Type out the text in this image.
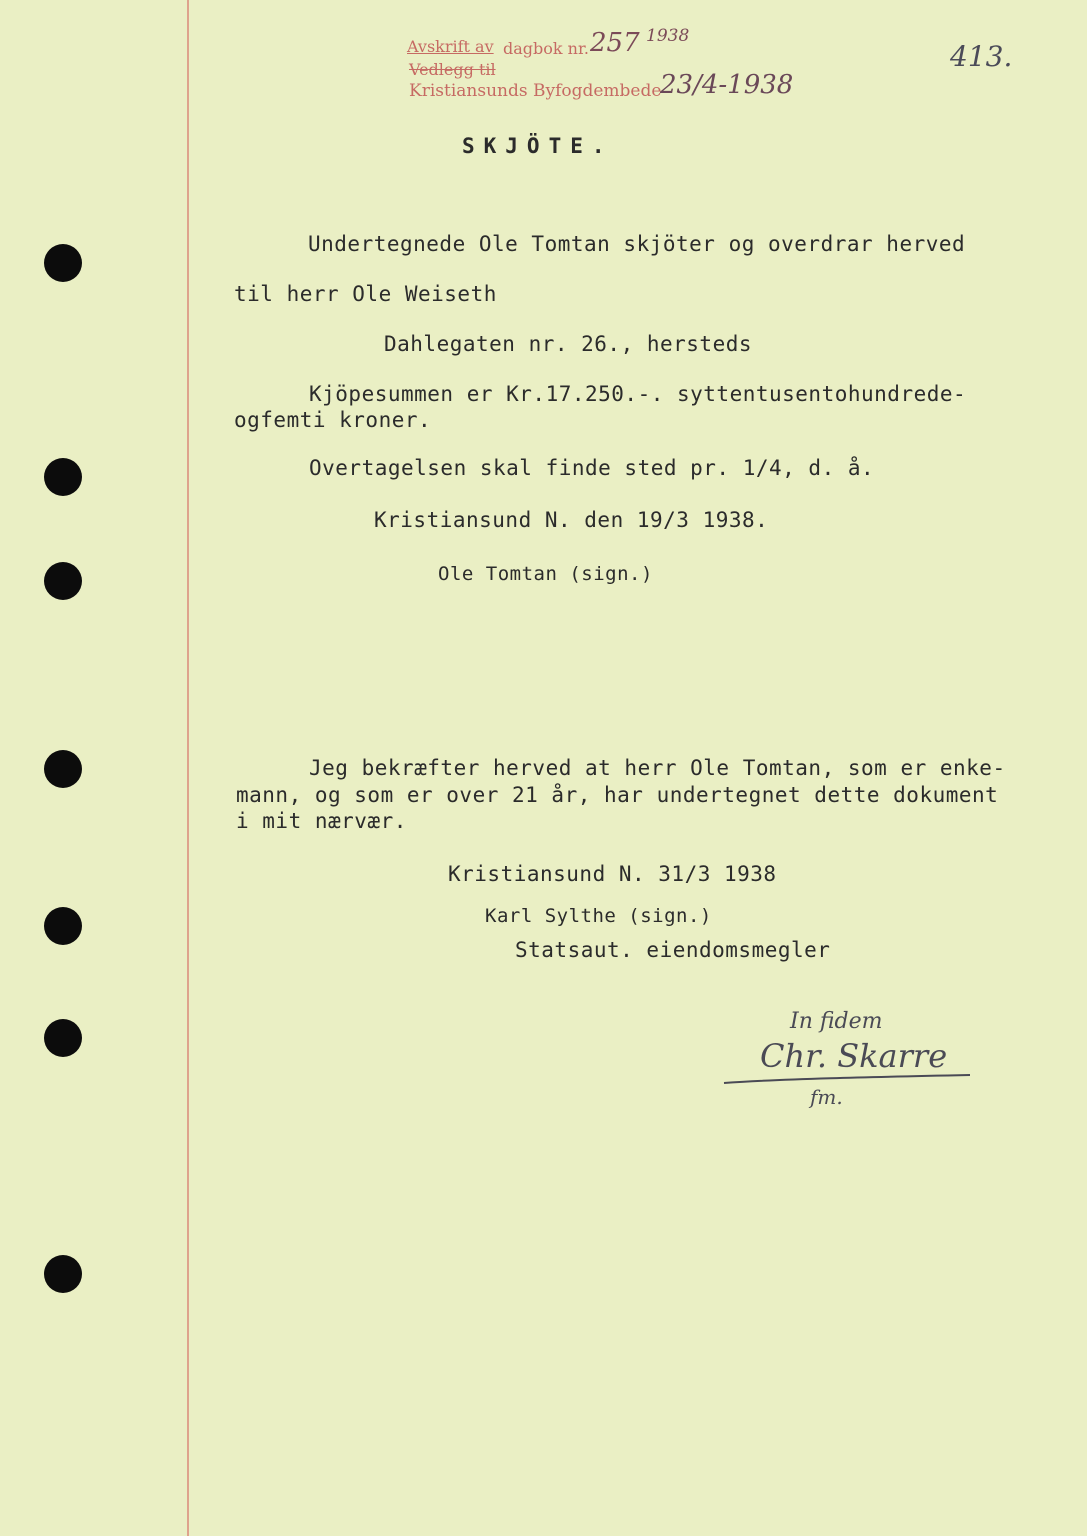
Avskrift av dagbok nr. 257 1938
Vedlegg til
Kristiansunds Byfogdembede
23/4-1938
413.
SKJÖTE.
Undertegnede Ole Tomtan skjöter og overdrar herved
til herr Ole Weiseth
Dahlegaten nr. 26., hersteds
Kjöpesummen er Kr.17.250.-. syttentusentohundrede-
ogfemti kroner.
Overtagelsen skal finde sted pr. 1/4, d. å.
Kristiansund N. den 19/3 1938.
Ole Tomtan (sign.)
Jeg bekræfter herved at herr Ole Tomtan, som er enke-
mann, og som er over 21 år, har undertegnet dette dokument
i mit nærvær.
Kristiansund N. 31/3 1938
Karl Sylthe (sign.)
Statsaut. eiendomsmegler
In fidem
Chr. Skarre
fm.
